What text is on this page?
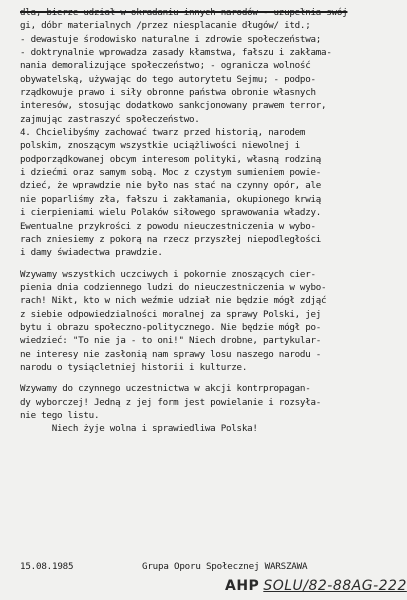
dla, bierze udział w okradaniu innych narodów - uzupełnia swój
gi, dóbr materialnych /przez niesplacanie długów/ itd.;
- dewastuje środowisko naturalne i zdrowie społeczeństwa;
- doktrynalnie wprowadza zasady kłamstwa, fałszu i zakłama-
nania demoralizujące społeczeństwo; - ogranicza wolność
obywatelską, używając do tego autorytetu Sejmu; - podpo-
rządkowuje prawo i siły obronne państwa obronie własnych
interesów, stosując dodatkowo sankcjonowany prawem terror,
zajmując zastraszyć społeczeństwo.
4. Chcielibyśmy zachować twarz przed historią, narodem
polskim, znoszącym wszystkie uciążliwości niewolnej i
podporządkowanej obcym interesom polityki, własną rodziną
i dziećmi oraz samym sobą. Moc z czystym sumieniem powie-
dzieć, że wprawdzie nie było nas stać na czynny opór, ale
nie poparliśmy zła, fałszu i zakłamania, okupionego krwią
i cierpieniami wielu Polaków siłowego sprawowania władzy.
Ewentualne przykrości z powodu nieuczestniczenia w wybo-
rach zniesiemy z pokorą na rzecz przyszłej niepodległości
i damy świadectwa prawdzie.
Wzywamy wszystkich uczciwych i pokornie znoszących cier-
pienia dnia codziennego ludzi do nieuczestniczenia w wybo-
rach! Nikt, kto w nich weźmie udział nie będzie mógł zdjąć
z siebie odpowiedzialności moralnej za sprawy Polski, jej
bytu i obrazu społeczno-politycznego. Nie będzie mógł po-
wiedzieć: "To nie ja - to oni!" Niech drobne, partykular-
ne interesy nie zasłonią nam sprawy losu naszego narodu -
narodu o tysiącletniej historii i kulturze.
Wzywamy do czynnego uczestnictwa w akcji kontrpropagan-
dy wyborczej! Jedną z jej form jest powielanie i rozsyła-
nie tego listu.
Niech żyje wolna i sprawiedliwa Polska!

15.08.1985

	Grupa Oporu Społecznej WARSZAWA

AHP SOLU/82-88AG-222
